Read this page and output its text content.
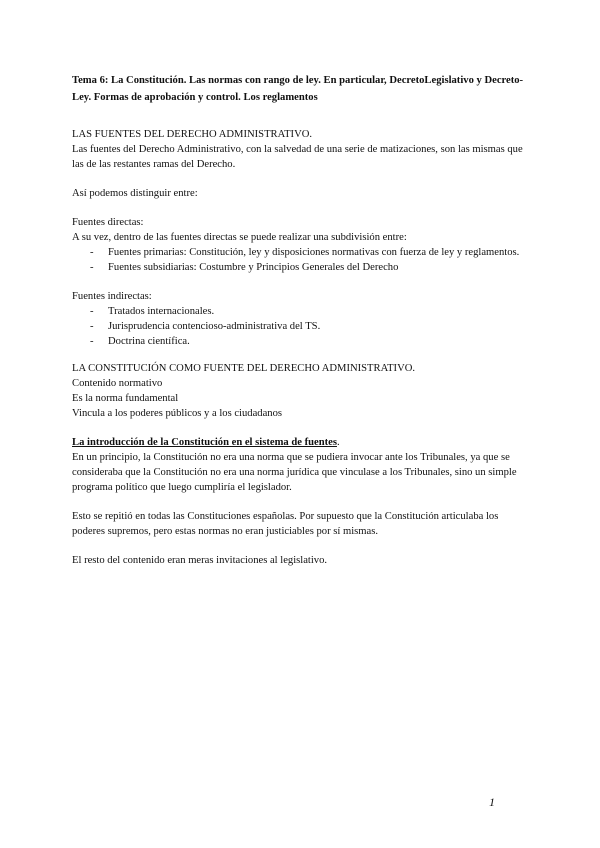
Tema 6: La Constitución. Las normas con rango de ley. En particular, DecretoLegislativo y Decreto-Ley. Formas de aprobación y control. Los reglamentos
LAS FUENTES DEL DERECHO ADMINISTRATIVO.
Las fuentes del Derecho Administrativo, con la salvedad de una serie de matizaciones, son las mismas que las de las restantes ramas del Derecho.
Así podemos distinguir entre:
Fuentes directas:
A su vez, dentro de las fuentes directas se puede realizar una subdivisión entre:
- Fuentes primarias: Constitución, ley y disposiciones normativas con fuerza de ley y reglamentos.
- Fuentes subsidiarias: Costumbre y Principios Generales del Derecho
Fuentes indirectas:
- Tratados internacionales.
- Jurisprudencia contencioso-administrativa del TS.
- Doctrina científica.
LA CONSTITUCIÓN COMO FUENTE DEL DERECHO ADMINISTRATIVO.
Contenido normativo
Es la norma fundamental
Vincula a los poderes públicos y a los ciudadanos
La introducción de la Constitución en el sistema de fuentes.
En un principio, la Constitución no era una norma que se pudiera invocar ante los Tribunales, ya que se consideraba que la Constitución no era una norma jurídica que vinculase a los Tribunales, sino un simple programa político que luego cumpliría el legislador.
Esto se repitió en todas las Constituciones españolas. Por supuesto que la Constitución articulaba los poderes supremos, pero estas normas no eran justiciables por sí mismas.
El resto del contenido eran meras invitaciones al legislativo.
1
